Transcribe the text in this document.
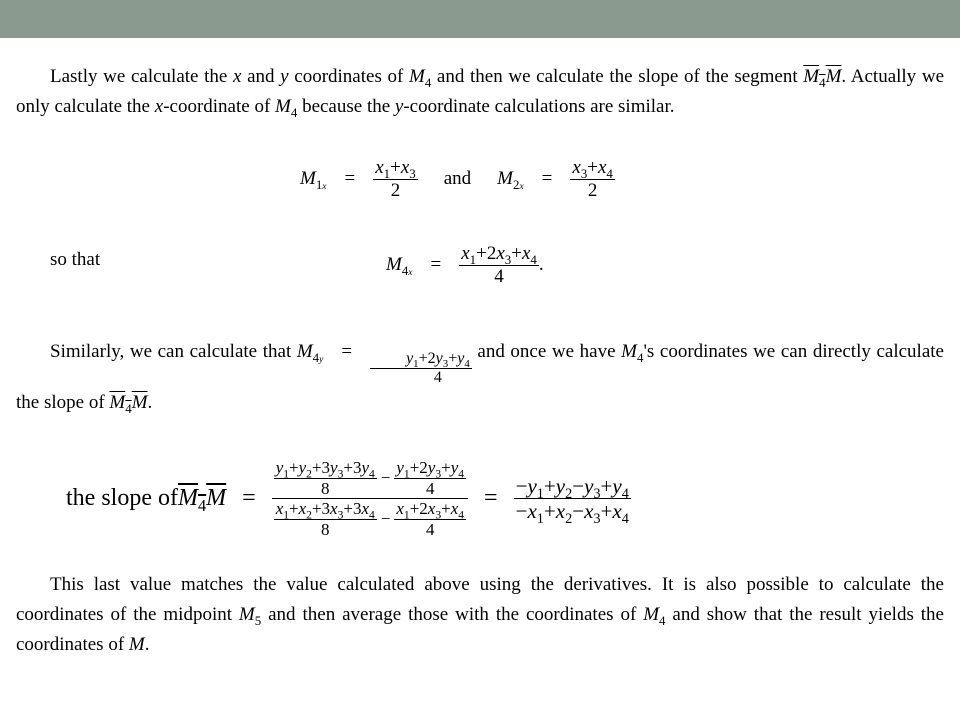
Lastly we calculate the x and y coordinates of $M_4$ and then we calculate the slope of the segment $M_4M$. Actually we only calculate the x-coordinate of $M_4$ because the y-coordinate calculations are similar.
$M_{1x} = \frac{x_1+x_3}{2}$ and $M_{2x} = \frac{x_3+x_4}{2}$
so that	$M_{4x} = \frac{x_1+2x_3+x_4}{4}$ .
Similarly, we can calculate that $M_{4y} = \frac{y_1+2y_3+y_4}{4}$ and once we have $M_4's$ coordinates we can directly calculate the slope of $M_4M$.
the slope of $M_4M = \frac{\frac{y_1+y_2+3y_3+3y_4}{8} - \frac{y_1+2y_3+y_4}{4}}{\frac{x_1+x_2+3x_3+3x_4}{8} - \frac{x_1+2x_3+x_4}{4}} = \frac{-y_1+y_2-y_3+y_4}{-x_1+x_2-x_3+x_4}$
This last value matches the value calculated above using the derivatives. It is also possible to calculate the coordinates of the midpoint $M_5$ and then average those with the coordinates of $M_4$ and show that the result yields the coordinates of M.
